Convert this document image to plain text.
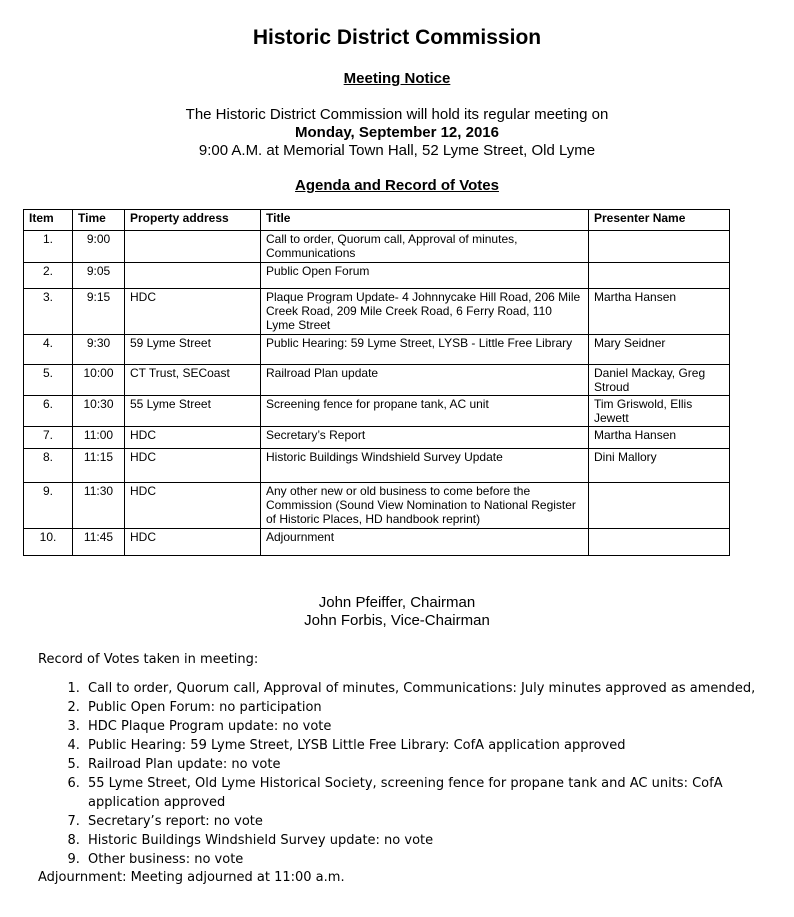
Historic District Commission
Meeting Notice
The Historic District Commission will hold its regular meeting on
Monday, September 12, 2016
9:00 A.M. at Memorial Town Hall, 52 Lyme Street, Old Lyme
Agenda and Record of Votes
Item	Time	Property address	Title	Presenter Name
1.	9:00		Call to order, Quorum call, Approval of minutes, Communications	
2.	9:05		Public Open Forum	
3.	9:15	HDC	Plaque Program Update- 4 Johnnycake Hill Road, 206 Mile Creek Road, 209 Mile Creek Road, 6 Ferry Road, 110 Lyme Street	Martha Hansen
4.	9:30	59 Lyme Street	Public Hearing: 59 Lyme Street, LYSB - Little Free Library	Mary Seidner
5.	10:00	CT Trust, SECoast	Railroad Plan update	Daniel Mackay, Greg Stroud
6.	10:30	55 Lyme Street	Screening fence for propane tank, AC unit	Tim Griswold, Ellis Jewett
7.	11:00	HDC	Secretary’s Report	Martha Hansen
8.	11:15	HDC	Historic Buildings Windshield Survey Update	Dini Mallory
9.	11:30	HDC	Any other new or old business to come before the Commission (Sound View Nomination to National Register of Historic Places, HD handbook reprint)	
10.	11:45	HDC	Adjournment	
John Pfeiffer, Chairman
John Forbis, Vice-Chairman
Record of Votes taken in meeting:
1. Call to order, Quorum call, Approval of minutes, Communications: July minutes approved as amended,
2. Public Open Forum: no participation
3. HDC Plaque Program update: no vote
4. Public Hearing: 59 Lyme Street, LYSB Little Free Library: CofA application approved
5. Railroad Plan update: no vote
6. 55 Lyme Street, Old Lyme Historical Society, screening fence for propane tank and AC units: CofA application approved
7. Secretary’s report: no vote
8. Historic Buildings Windshield Survey update: no vote
9. Other business: no vote
Adjournment: Meeting adjourned at 11:00 a.m.
